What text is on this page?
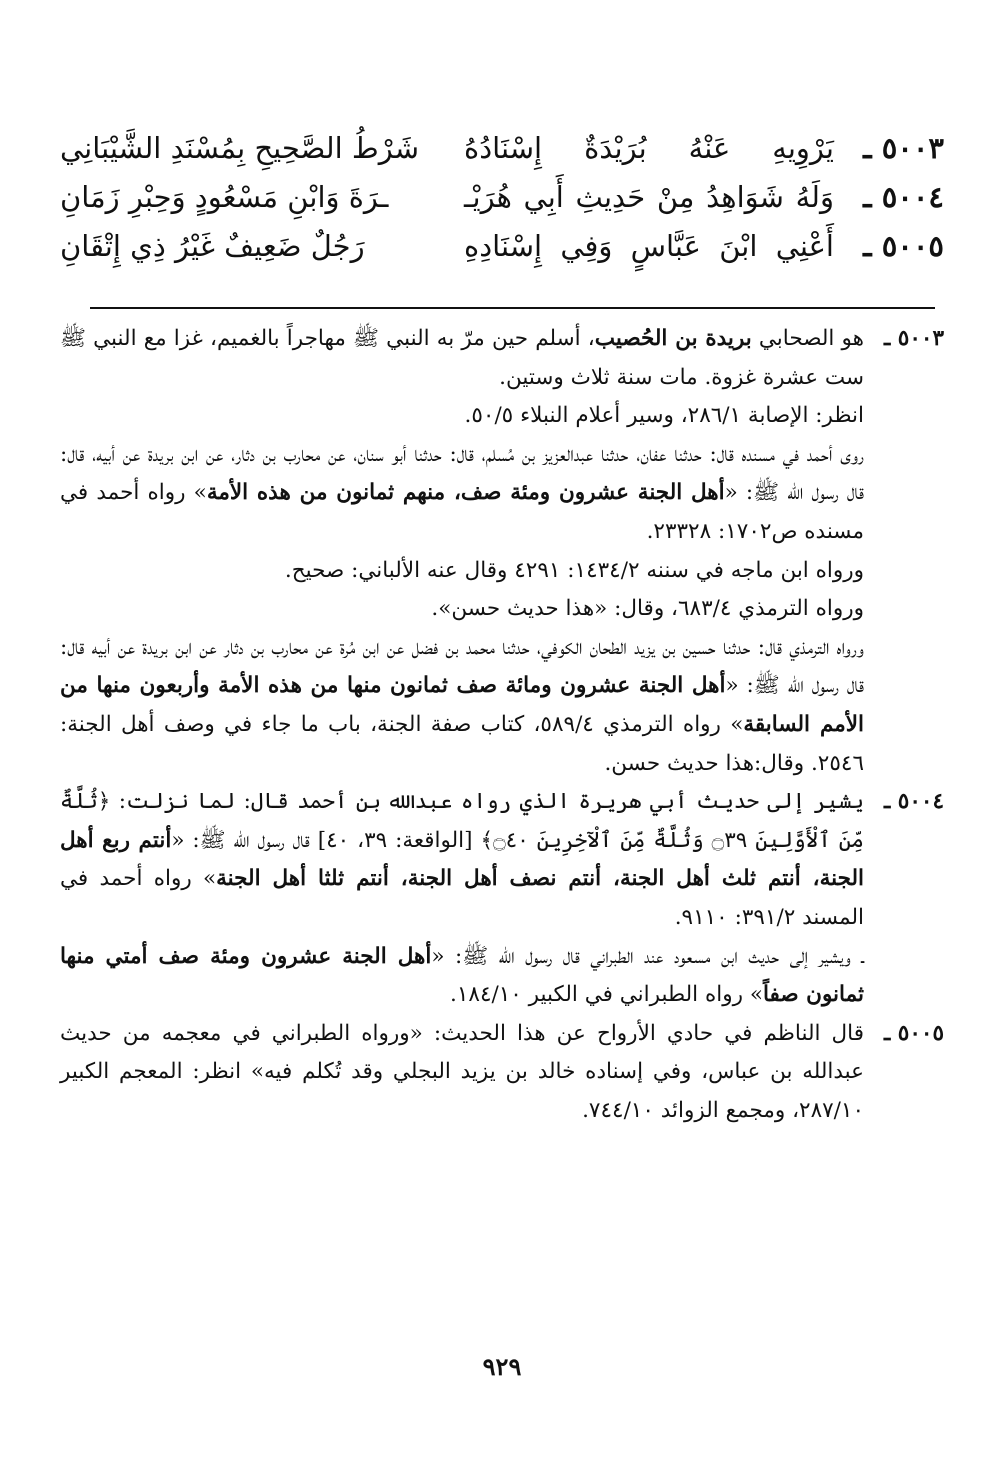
٥٠٠٣ ـ
يَرْوِيهِ عَنْهُ بُرَيْدَةٌ إِسْنَادُهُ
شَرْطُ الصَّحِيحِ بِمُسْنَدِ الشَّيْبَانِي
٥٠٠٤ ـ
وَلَهُ شَوَاهِدُ مِنْ حَدِيثِ أَبِي هُرَيْـ
ـرَةَ وَابْنِ مَسْعُودٍ وَحِبْرِ زَمَانِ
٥٠٠٥ ـ
أَعْنِي ابْنَ عَبَّاسٍ وَفِي إِسْنَادِهِ
رَجُلٌ ضَعِيفٌ غَيْرُ ذِي إِتْقَانِ
٥٠٠٣ ـ

هو الصحابي بريدة بن الحُصيب، أسلم حين مرّ به النبي ﷺ مهاجراً بالغميم، غزا مع النبي ﷺ ست عشرة غزوة. مات سنة ثلاث وستين.

انظر: الإصابة ٢٨٦/١، وسير أعلام النبلاء ٥٠/٥.

روى أحمد في مسنده قال: حدثنا عفان، حدثنا عبدالعزيز بن مُسلم، قال: حدثنا أبو سنان، عن محارب بن دثار، عن ابن بريدة عن أبيه، قال: قال رسول الله ﷺ: «أهل الجنة عشرون ومئة صف، منهم ثمانون من هذه الأمة» رواه أحمد في مسنده ص١٧٠٢: ٢٣٣٢٨.

ورواه ابن ماجه في سننه ١٤٣٤/٢: ٤٢٩١ وقال عنه الألباني: صحيح.

ورواه الترمذي ٦٨٣/٤، وقال: «هذا حديث حسن».

ورواه الترمذي قال: حدثنا حسين بن يزيد الطحان الكوفي، حدثنا محمد بن فضل عن ابن مُرة عن محارب بن دثار عن ابن بريدة عن أبيه قال: قال رسول الله ﷺ: «أهل الجنة عشرون ومائة صف ثمانون منها من هذه الأمة وأربعون منها من الأمم السابقة» رواه الترمذي ٥٨٩/٤، كتاب صفة الجنة، باب ما جاء في وصف أهل الجنة: ٢٥٤٦. وقال:هذا حديث حسن.

٥٠٠٤ ـ

يشير إلى حديث أبي هريرة الذي رواه عبدالله بن أحمد قال: لما نزلت: ﴿ثُلَّةٌ مِّنَ ٱلْأَوَّلِينَ ۝٣٩ وَثُلَّةٌ مِّنَ ٱلْآخِرِينَ ۝٤٠﴾ [الواقعة: ٣٩، ٤٠] قال رسول الله ﷺ: «أنتم ربع أهل الجنة، أنتم ثلث أهل الجنة، أنتم نصف أهل الجنة، أنتم ثلثا أهل الجنة» رواه أحمد في المسند ٣٩١/٢: ٩١١٠.

ـ ويشير إلى حديث ابن مسعود عند الطبراني قال رسول الله ﷺ: «أهل الجنة عشرون ومئة صف أمتي منها ثمانون صفاً» رواه الطبراني في الكبير ١٨٤/١٠.

٥٠٠٥ ـ

قال الناظم في حادي الأرواح عن هذا الحديث: «ورواه الطبراني في معجمه من حديث عبدالله بن عباس، وفي إسناده خالد بن يزيد البجلي وقد تُكلم فيه» انظر: المعجم الكبير ٢٨٧/١٠، ومجمع الزوائد ٧٤٤/١٠.

٩٢٩
